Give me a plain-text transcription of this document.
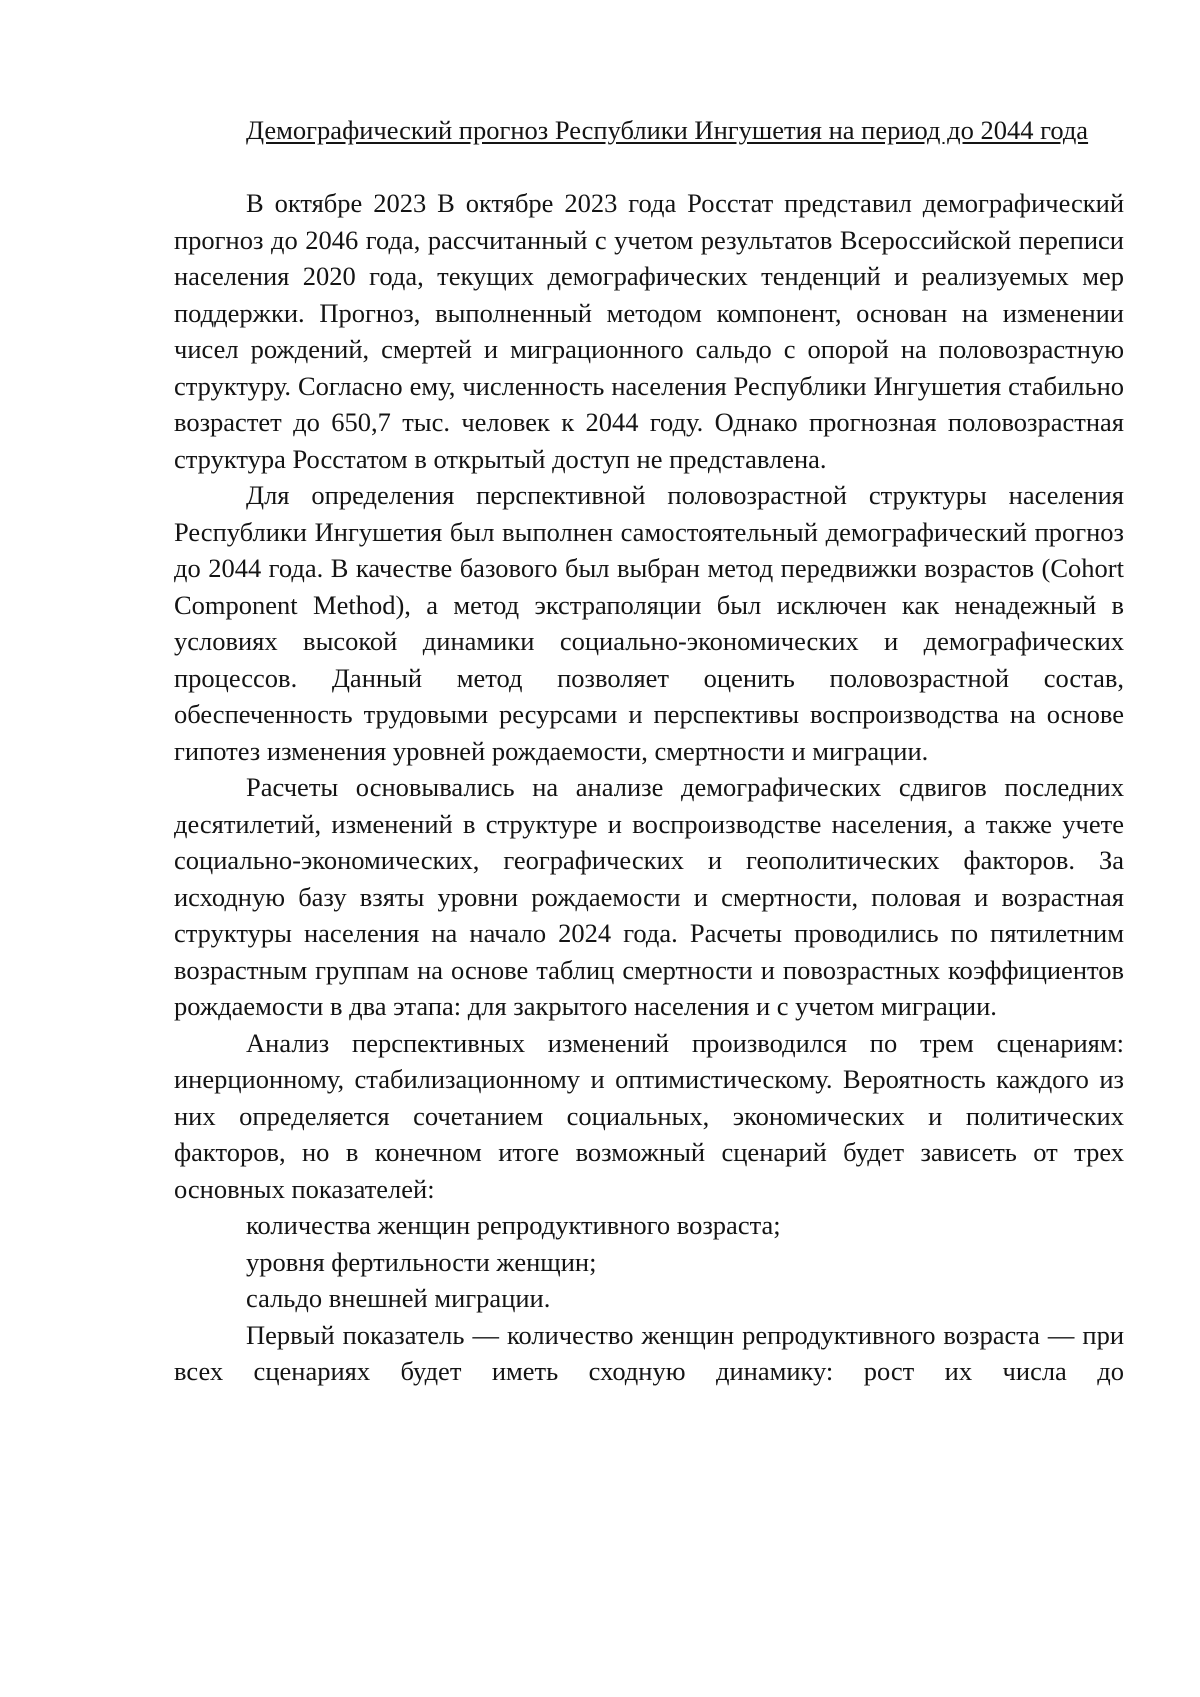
Демографический прогноз Республики Ингушетия на период до 2044 года

В октябре 2023 В октябре 2023 года Росстат представил демографический прогноз до 2046 года, рассчитанный с учетом результатов Всероссийской переписи населения 2020 года, текущих демографических тенденций и реализуемых мер поддержки. Прогноз, выполненный методом компонент, основан на изменении чисел рождений, смертей и миграционного сальдо с опорой на половозрастную структуру. Согласно ему, численность населения Республики Ингушетия стабильно возрастет до 650,7 тыс. человек к 2044 году. Однако прогнозная половозрастная структура Росстатом в открытый доступ не представлена.

Для определения перспективной половозрастной структуры населения Республики Ингушетия был выполнен самостоятельный демографический прогноз до 2044 года. В качестве базового был выбран метод передвижки возрастов (Cohort Component Method), а метод экстраполяции был исключен как ненадежный в условиях высокой динамики социально-экономических и демографических процессов. Данный метод позволяет оценить половозрастной состав, обеспеченность трудовыми ресурсами и перспективы воспроизводства на основе гипотез изменения уровней рождаемости, смертности и миграции.

Расчеты основывались на анализе демографических сдвигов последних десятилетий, изменений в структуре и воспроизводстве населения, а также учете социально-экономических, географических и геополитических факторов. За исходную базу взяты уровни рождаемости и смертности, половая и возрастная структуры населения на начало 2024 года. Расчеты проводились по пятилетним возрастным группам на основе таблиц смертности и повозрастных коэффициентов рождаемости в два этапа: для закрытого населения и с учетом миграции.

Анализ перспективных изменений производился по трем сценариям: инерционному, стабилизационному и оптимистическому. Вероятность каждого из них определяется сочетанием социальных, экономических и политических факторов, но в конечном итоге возможный сценарий будет зависеть от трех основных показателей:

количества женщин репродуктивного возраста;
уровня фертильности женщин;
сальдо внешней миграции.

Первый показатель — количество женщин репродуктивного возраста — при всех сценариях будет иметь сходную динамику: рост их числа до
